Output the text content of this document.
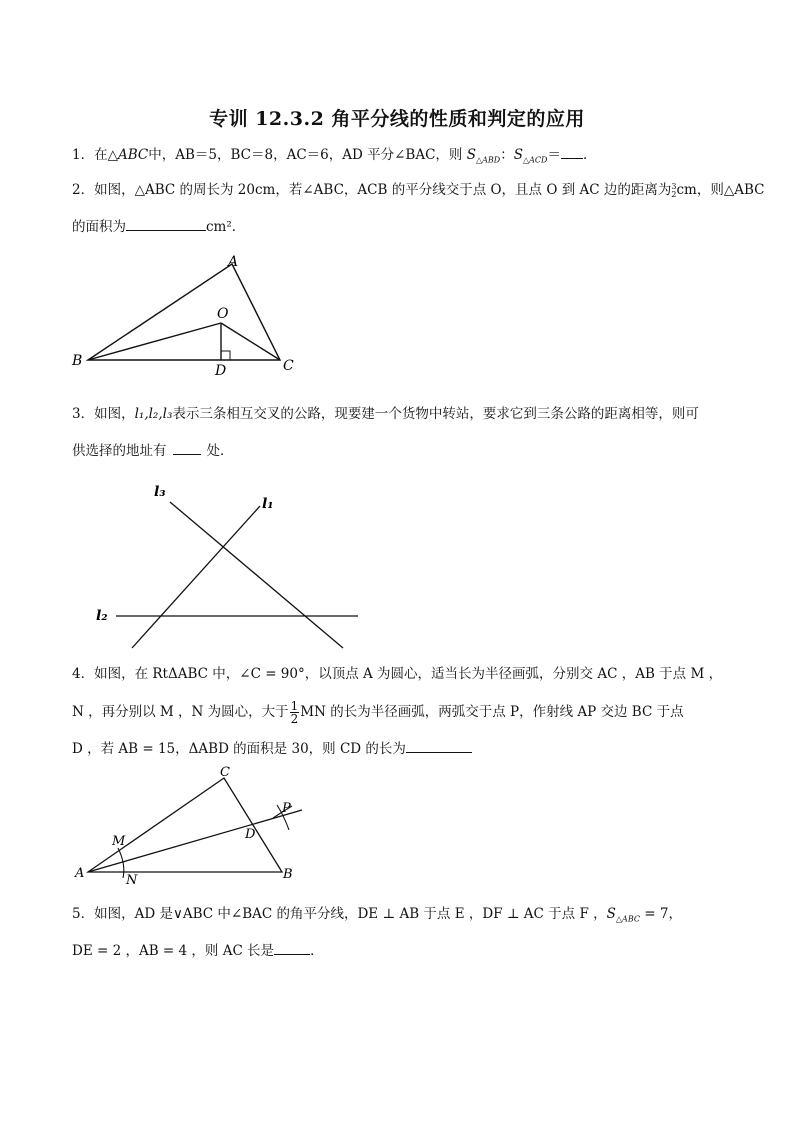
专训 12.3.2 角平分线的性质和判定的应用
1．在△ABC中，AB＝5，BC＝8，AC＝6，AD 平分∠BAC，则 $S_{\triangle ABD}$：$S_{\triangle ACD}=$ ．
2．如图，△ABC 的周长为 20cm，若∠ABC，ACB 的平分线交于点 O，且点 O 到 AC 边的距离为 3
2 cm，则△ABC
的面积为	cm²．
A
O
B
D	C
3．如图，l₁,l₂,l₃表示三条相互交叉的公路，现要建一个货物中转站，要求它到三条公路的距离相等，则可
供选择的地址有	处．
l₃
l₁
l₂
4．如图，在 RtΔABC 中，∠C = 90°，以顶点 A 为圆心，适当长为半径画弧，分别交 AC ，AB 于点 M ，
N ，再分别以 M ，N 为圆心，大于 $\frac{1}{2}$ MN 的长为半径画弧，两弧交于点 P，作射线 AP 交边 BC 于点
D ，若 AB = 15，ΔABD 的面积是 30，则 CD 的长为
C
P
M	D
A	N	B
5．如图，AD 是∨ABC 中∠BAC 的角平分线，DE ⊥ AB 于点 E ，DF ⊥ AC 于点 F ，$S_{\triangle ABC} = 7$，
DE = 2 ，AB = 4 ，则 AC 长是	．
